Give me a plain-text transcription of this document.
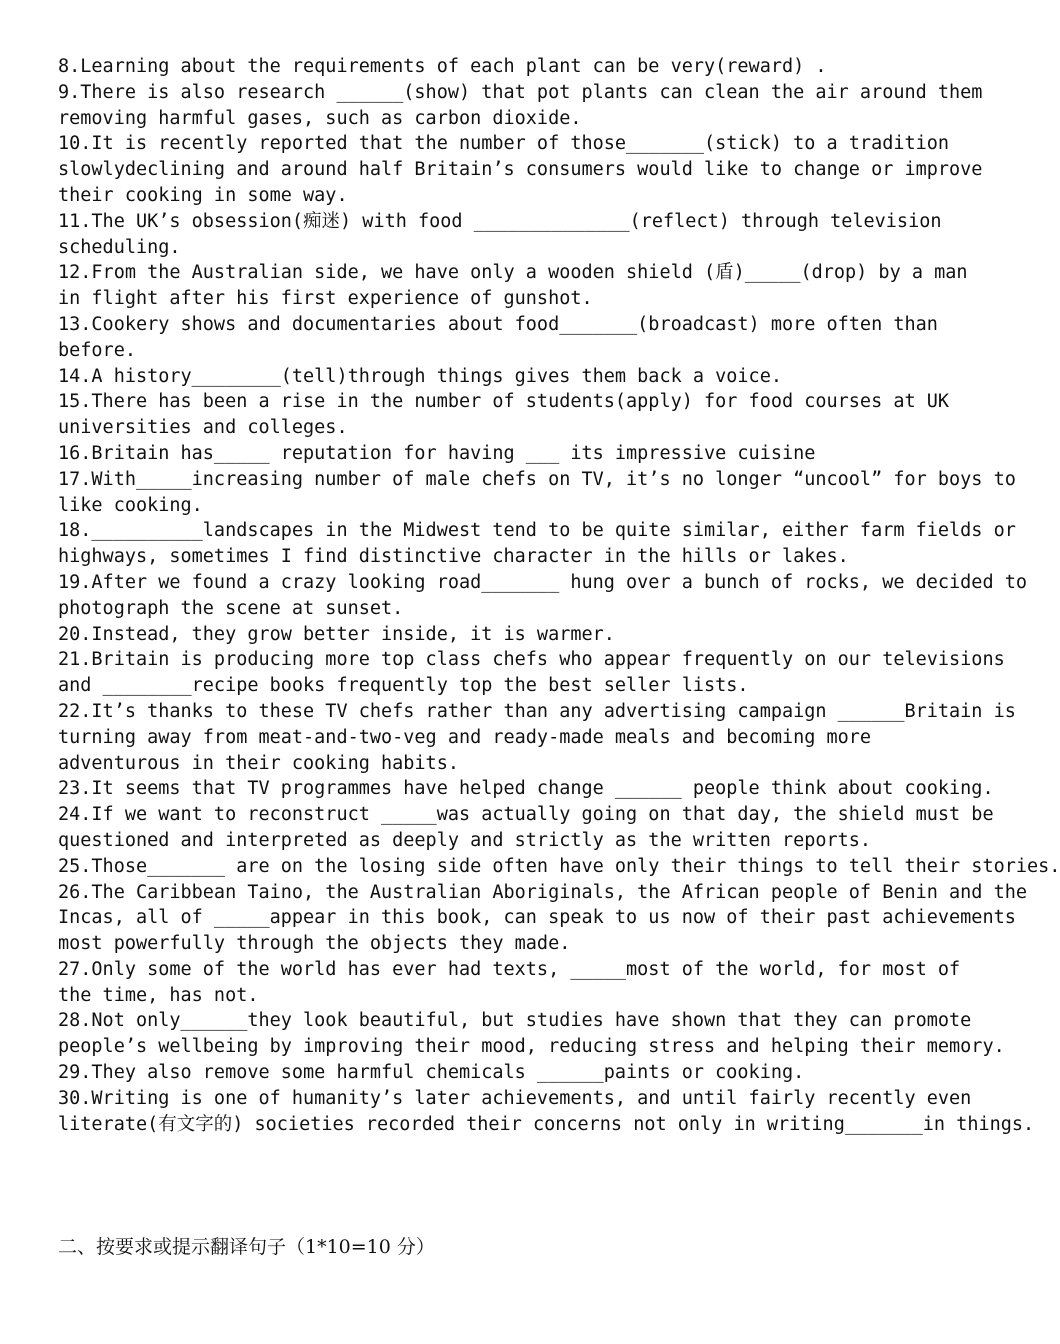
8.Learning about the requirements of each plant can be very(reward) .
9.There is also research ______(show) that pot plants can clean the air around them
removing harmful gases, such as carbon dioxide.
10.It is recently reported that the number of those_______(stick) to a tradition
slowlydeclining and around half Britain’s consumers would like to change or improve
their cooking in some way.
11.The UK’s obsession(痴迷) with food ______________(reflect) through television
scheduling.
12.From the Australian side, we have only a wooden shield (盾)_____(drop) by a man
in flight after his first experience of gunshot.
13.Cookery shows and documentaries about food_______(broadcast) more often than
before.
14.A history________(tell)through things gives them back a voice.
15.There has been a rise in the number of students(apply) for food courses at UK
universities and colleges.
16.Britain has_____ reputation for having ___ its impressive cuisine
17.With_____increasing number of male chefs on TV, it’s no longer “uncool” for boys to
like cooking.
18.__________landscapes in the Midwest tend to be quite similar, either farm fields or
highways, sometimes I find distinctive character in the hills or lakes.
19.After we found a crazy looking road_______ hung over a bunch of rocks, we decided to
photograph the scene at sunset.
20.Instead, they grow better inside, it is warmer.
21.Britain is producing more top class chefs who appear frequently on our televisions
and ________recipe books frequently top the best seller lists.
22.It’s thanks to these TV chefs rather than any advertising campaign ______Britain is
turning away from meat-and-two-veg and ready-made meals and becoming more
adventurous in their cooking habits.
23.It seems that TV programmes have helped change ______ people think about cooking.
24.If we want to reconstruct _____was actually going on that day, the shield must be
questioned and interpreted as deeply and strictly as the written reports.
25.Those_______ are on the losing side often have only their things to tell their stories.
26.The Caribbean Taino, the Australian Aboriginals, the African people of Benin and the
Incas, all of _____appear in this book, can speak to us now of their past achievements
most powerfully through the objects they made.
27.Only some of the world has ever had texts, _____most of the world, for most of
the time, has not.
28.Not only______they look beautiful, but studies have shown that they can promote
people’s wellbeing by improving their mood, reducing stress and helping their memory.
29.They also remove some harmful chemicals ______paints or cooking.
30.Writing is one of humanity’s later achievements, and until fairly recently even
literate(有文字的) societies recorded their concerns not only in writing_______in things.
二、按要求或提示翻译句子（1*10=10 分）
